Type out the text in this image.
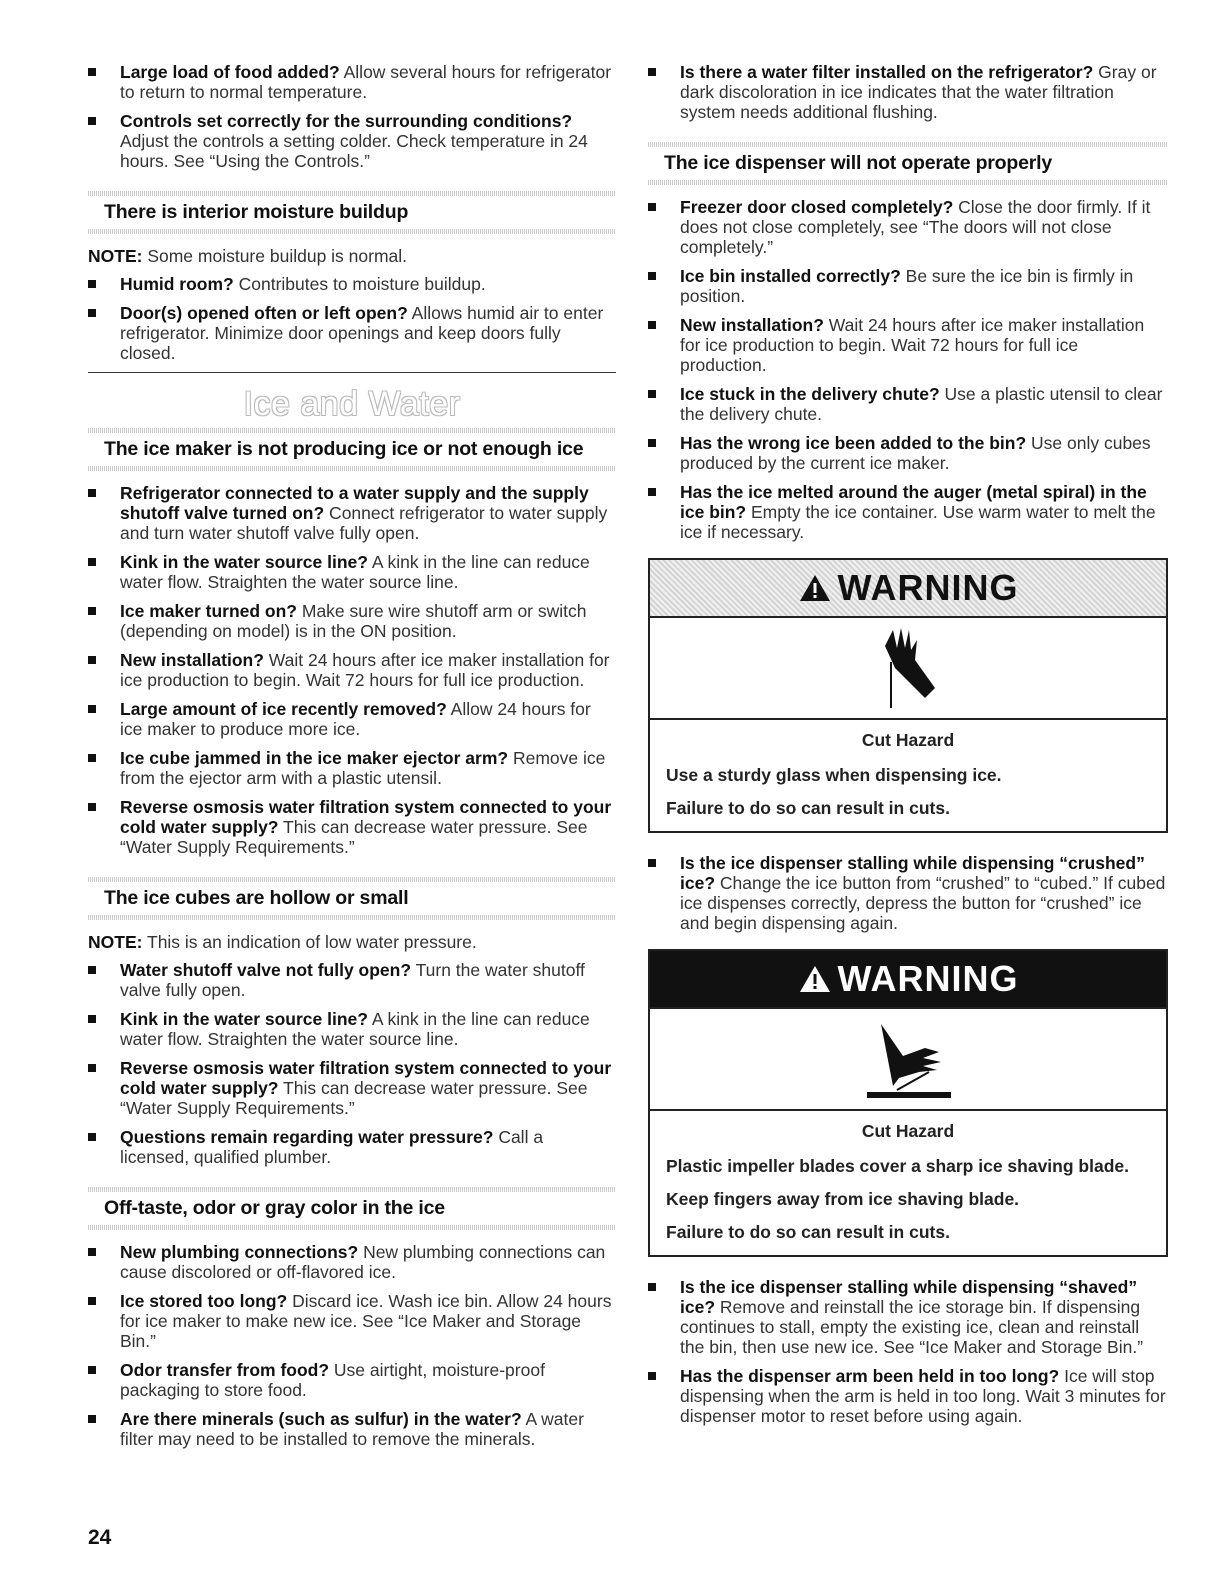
Large load of food added? Allow several hours for refrigerator to return to normal temperature.
Controls set correctly for the surrounding conditions? Adjust the controls a setting colder. Check temperature in 24 hours. See “Using the Controls.”
There is interior moisture buildup

NOTE: Some moisture buildup is normal.

Humid room? Contributes to moisture buildup.
Door(s) opened often or left open? Allows humid air to enter refrigerator. Minimize door openings and keep doors fully closed.
Ice and Water
The ice maker is not producing ice or not enough ice
Refrigerator connected to a water supply and the supply shutoff valve turned on? Connect refrigerator to water supply and turn water shutoff valve fully open.
Kink in the water source line? A kink in the line can reduce water flow. Straighten the water source line.
Ice maker turned on? Make sure wire shutoff arm or switch (depending on model) is in the ON position.
New installation? Wait 24 hours after ice maker installation for ice production to begin. Wait 72 hours for full ice production.
Large amount of ice recently removed? Allow 24 hours for ice maker to produce more ice.
Ice cube jammed in the ice maker ejector arm? Remove ice from the ejector arm with a plastic utensil.
Reverse osmosis water filtration system connected to your cold water supply? This can decrease water pressure. See “Water Supply Requirements.”
The ice cubes are hollow or small

NOTE: This is an indication of low water pressure.

Water shutoff valve not fully open? Turn the water shutoff valve fully open.
Kink in the water source line? A kink in the line can reduce water flow. Straighten the water source line.
Reverse osmosis water filtration system connected to your cold water supply? This can decrease water pressure. See “Water Supply Requirements.”
Questions remain regarding water pressure? Call a licensed, qualified plumber.
Off-taste, odor or gray color in the ice
New plumbing connections? New plumbing connections can cause discolored or off-flavored ice.
Ice stored too long? Discard ice. Wash ice bin. Allow 24 hours for ice maker to make new ice. See “Ice Maker and Storage Bin.”
Odor transfer from food? Use airtight, moisture-proof packaging to store food.
Are there minerals (such as sulfur) in the water? A water filter may need to be installed to remove the minerals.
Is there a water filter installed on the refrigerator? Gray or dark discoloration in ice indicates that the water filtration system needs additional flushing.
The ice dispenser will not operate properly
Freezer door closed completely? Close the door firmly. If it does not close completely, see “The doors will not close completely.”
Ice bin installed correctly? Be sure the ice bin is firmly in position.
New installation? Wait 24 hours after ice maker installation for ice production to begin. Wait 72 hours for full ice production.
Ice stuck in the delivery chute? Use a plastic utensil to clear the delivery chute.
Has the wrong ice been added to the bin? Use only cubes produced by the current ice maker.
Has the ice melted around the auger (metal spiral) in the ice bin? Empty the ice container. Use warm water to melt the ice if necessary.
WARNING
Cut Hazard

Use a sturdy glass when dispensing ice.

Failure to do so can result in cuts.

Is the ice dispenser stalling while dispensing “crushed” ice? Change the ice button from “crushed” to “cubed.” If cubed ice dispenses correctly, depress the button for “crushed” ice and begin dispensing again.
WARNING
Cut Hazard

Plastic impeller blades cover a sharp ice shaving blade.

Keep fingers away from ice shaving blade.

Failure to do so can result in cuts.

Is the ice dispenser stalling while dispensing “shaved” ice? Remove and reinstall the ice storage bin. If dispensing continues to stall, empty the existing ice, clean and reinstall the bin, then use new ice. See “Ice Maker and Storage Bin.”
Has the dispenser arm been held in too long? Ice will stop dispensing when the arm is held in too long. Wait 3 minutes for dispenser motor to reset before using again.
24
